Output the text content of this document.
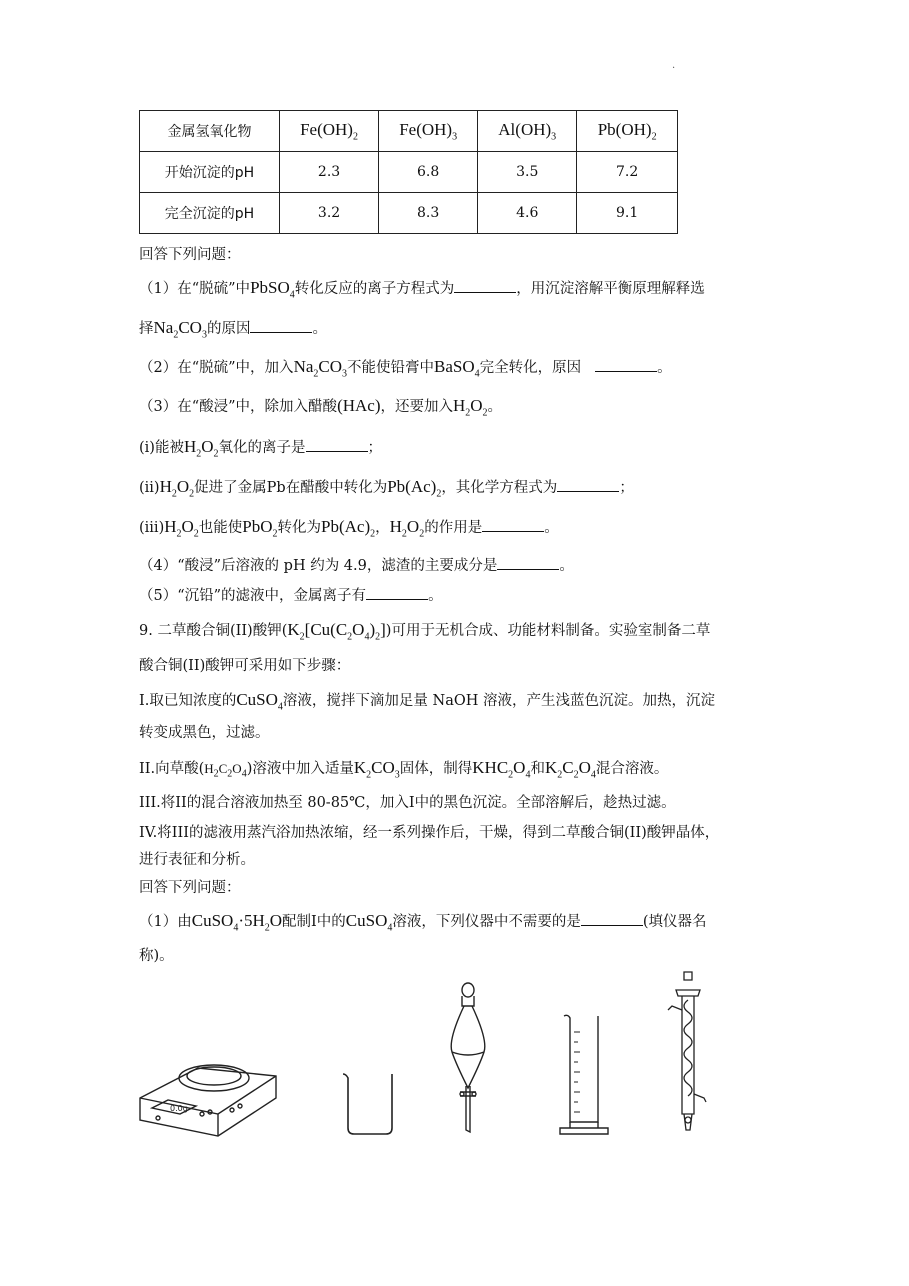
.
金属氢氧化物	$Fe(OH)_2$	$Fe(OH)_3$	$Al(OH)_3$	$Pb(OH)_2$
开始沉淀的pH	2.3	6.8	3.5	7.2
完全沉淀的pH	3.2	8.3	4.6	9.1
回答下列问题：
（1）在“脱硫”中PbSO$_4$转化反应的离子方程式为	，用沉淀溶解平衡原理解释选
择$Na_2CO_3$的原因	。
（2）在“脱硫”中，加入$Na_2CO_3$不能使铅膏中BaSO$_4$完全转化，原因	。
（3）在“酸浸”中，除加入醋酸(HAc)，还要加入$H_2O_2$。
(i)能被$H_2O_2$氧化的离子是	；
$(ii)H_2O_2$促进了金属Pb在醋酸中转化为$Pb(Ac)_2$，其化学方程式为	；
$(iii)H_2O_2$也能使PbO$_2$转化为$Pb(Ac)_2$，$H_2O_2$的作用是	。
（4）“酸浸”后溶液的 pH 约为 4.9，滤渣的主要成分是	。
（5）“沉铅”的滤液中，金属离子有	。
9. 二草酸合铜(II)酸钾$(K_2[Cu(C_2O_4)_2])$可用于无机合成、功能材料制备。实验室制备二草
酸合铜(II)酸钾可采用如下步骤：
I.取已知浓度的CuSO$_4$溶液，搅拌下滴加足量 NaOH 溶液，产生浅蓝色沉淀。加热，沉淀
转变成黑色，过滤。
II.向草酸$(H_2C_2O_4)$溶液中加入适量$K_2CO_3$固体，制得$KHC_2O_4$和$K_2C_2O_4$混合溶液。
III.将II的混合溶液加热至 80-85℃，加入I中的黑色沉淀。全部溶解后，趁热过滤。
IV.将III的滤液用蒸汽浴加热浓缩，经一系列操作后，干燥，得到二草酸合铜(II)酸钾晶体，
进行表征和分析。
回答下列问题：
（1）由$CuSO_4\cdot 5H_2O$配制I中的CuSO$_4$溶液，下列仪器中不需要的是	(填仪器名
称)。
0.0g
